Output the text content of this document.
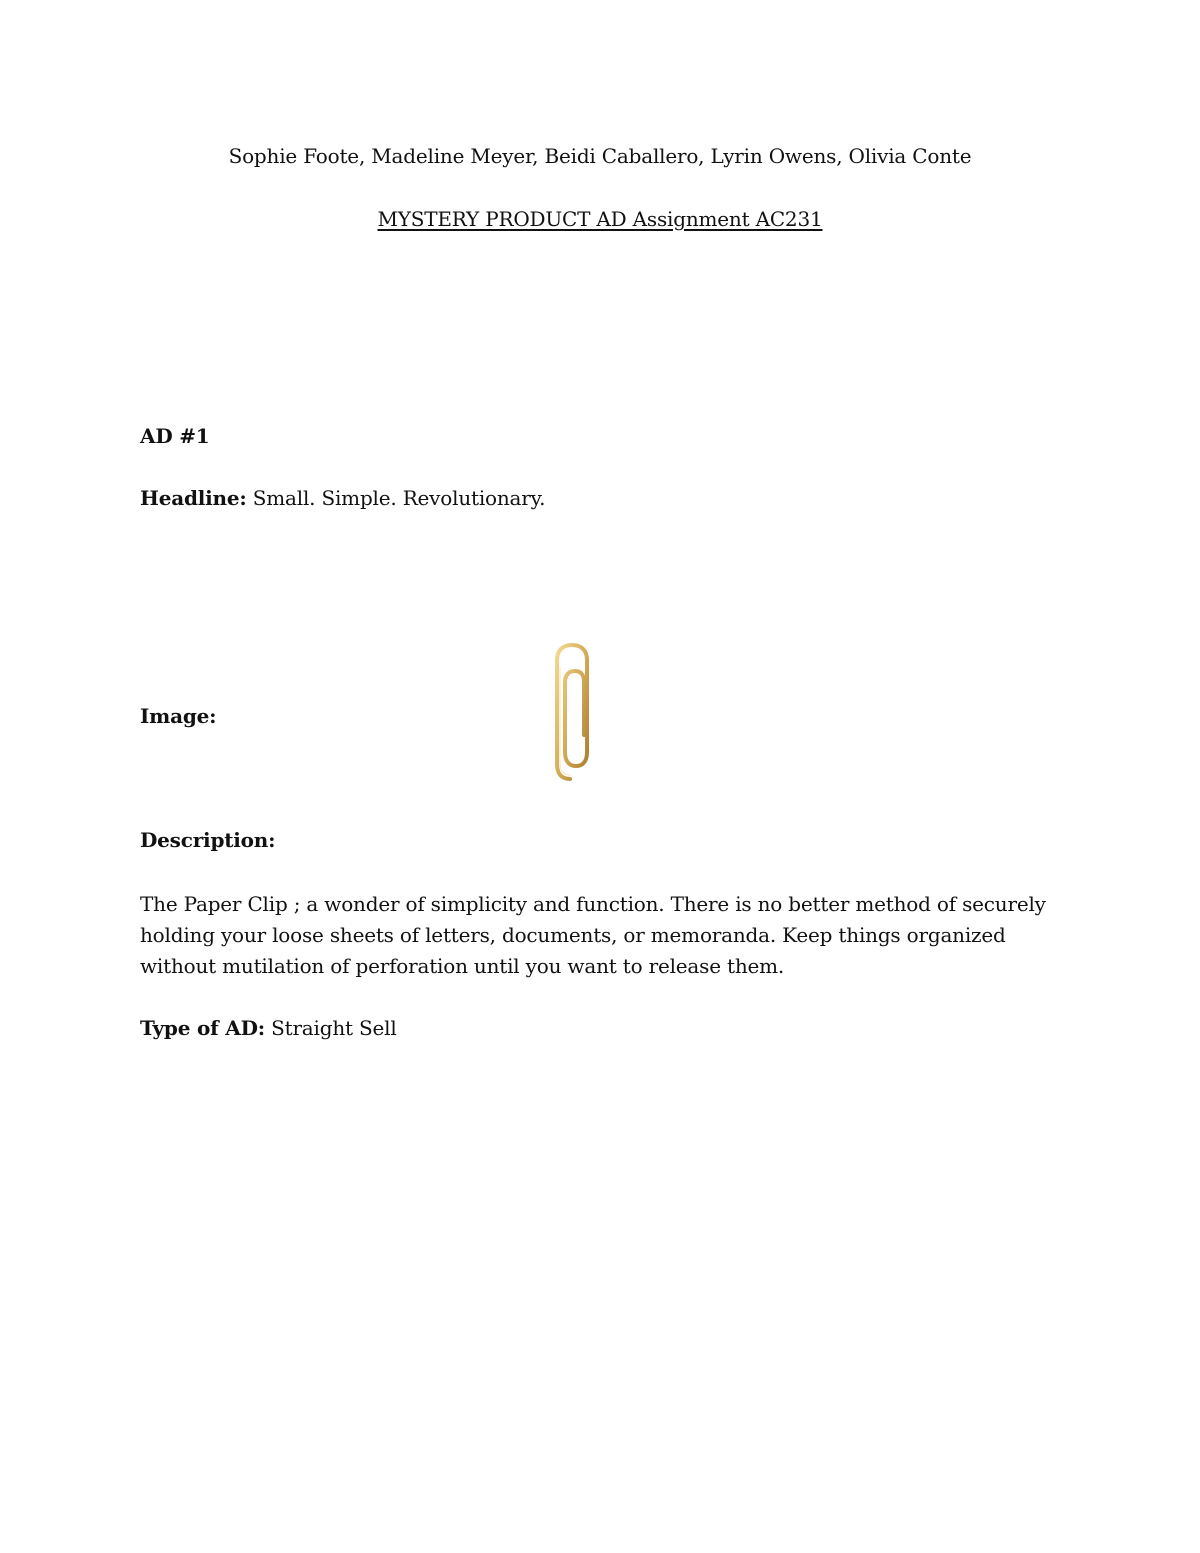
Sophie Foote, Madeline Meyer, Beidi Caballero, Lyrin Owens, Olivia Conte
MYSTERY PRODUCT AD Assignment AC231
AD #1
Headline: Small. Simple. Revolutionary.
Image:
Description:
The Paper Clip ; a wonder of simplicity and function. There is no better method of securely holding your loose sheets of letters, documents, or memoranda. Keep things organized without mutilation of perforation until you want to release them.
Type of AD: Straight Sell
